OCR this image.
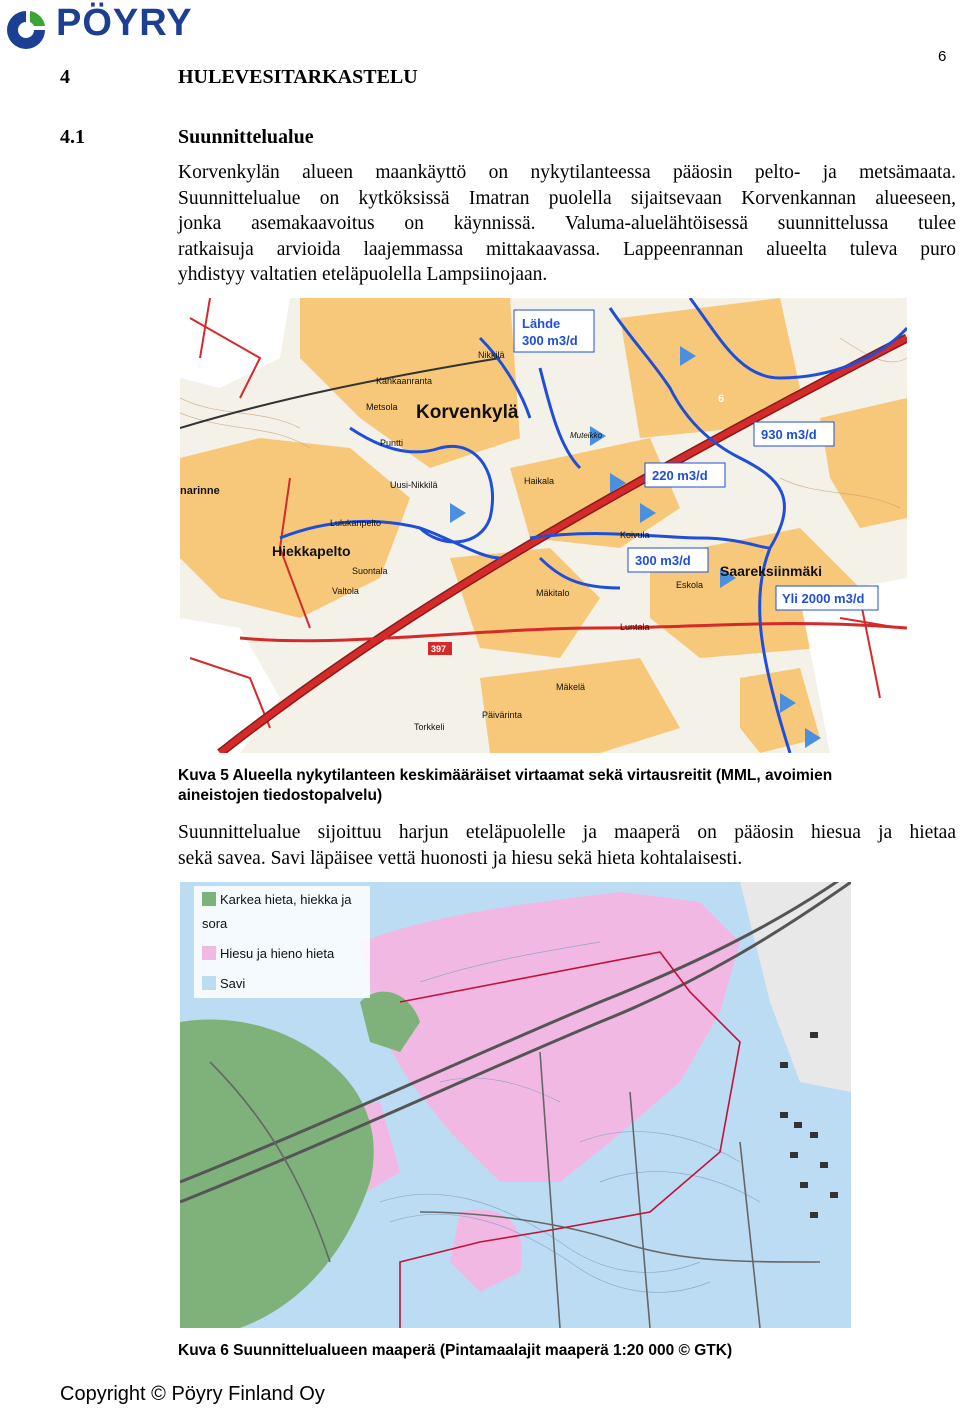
PÖYRY
6
4	HULEVESITARKASTELU
4.1	Suunnittelualue
Korvenkylän alueen maankäyttö on nykytilanteessa pääosin pelto- ja metsämaata.
Suunnittelualue on kytköksissä Imatran puolella sijaitsevaan Korvenkannan alueeseen,
jonka asemakaavoitus on käynnissä. Valuma-aluelähtöisessä suunnittelussa tulee
ratkaisuja arvioida laajemmassa mittakaavassa. Lappeenrannan alueelta tuleva puro
yhdistyy valtatien eteläpuolella Lampsiinojaan.
Lähde
300 m3/d
930 m3/d
220 m3/d
300 m3/d
Yli 2000 m3/d
Korvenkylä
Hiekkapelto
Saareksiinmäki
Nikkilä
Kankaanranta
Metsola
Puntti
Uusi-Nikkilä	Haikala
Lulukanpelto
Suontala
Valtola
Koivula
Eskola
Mäkitalo
Luntala
Mäkelä
Päivärinta
Torkkeli
Muteikko
narinne
6
397
Kuva 5 Alueella nykytilanteen keskimääräiset virtaamat sekä virtausreitit (MML, avoimien
aineistojen tiedostopalvelu)
Suunnittelualue sijoittuu harjun eteläpuolelle ja maaperä on pääosin hiesua ja hietaa
sekä savea. Savi läpäisee vettä huonosti ja hiesu sekä hieta kohtalaisesti.
Karkea hieta, hiekka ja
sora
Hiesu ja hieno hieta
Savi
Kuva 6 Suunnittelualueen maaperä (Pintamaalajit maaperä 1:20 000 © GTK)
Copyright © Pöyry Finland Oy
